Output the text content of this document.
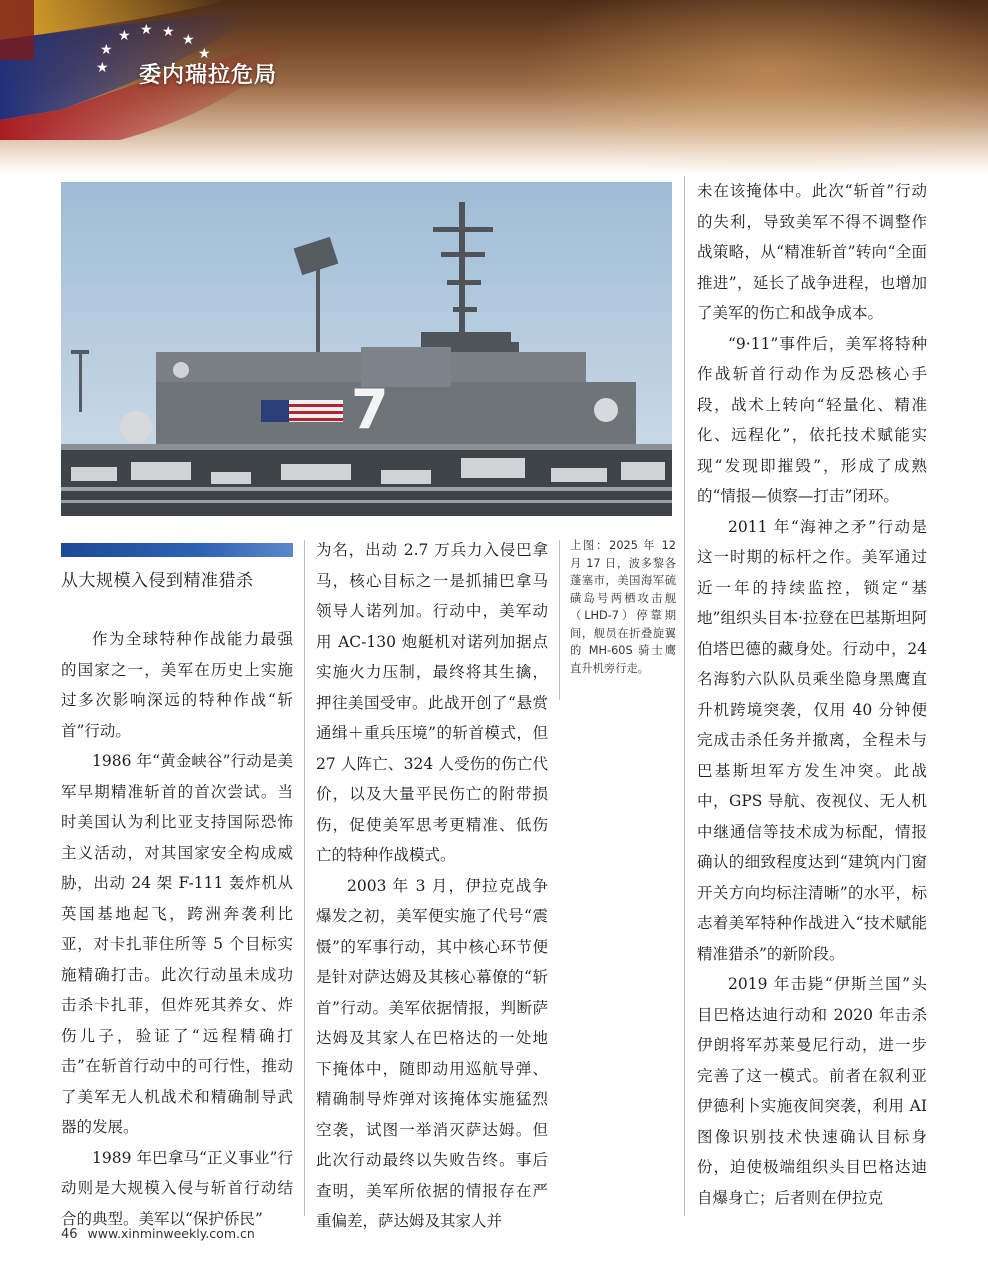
★
★
★ ★ ★ ★
★
委内瑞拉危局
7
从大规模入侵到精准猎杀

作为全球特种作战能力最强的国家之一，美军在历史上实施过多次影响深远的特种作战“斩首”行动。

1986 年“黄金峡谷”行动是美军早期精准斩首的首次尝试。当时美国认为利比亚支持国际恐怖主义活动，对其国家安全构成威胁，出动 24 架 F-111 轰炸机从英国基地起飞，跨洲奔袭利比亚，对卡扎菲住所等 5 个目标实施精确打击。此次行动虽未成功击杀卡扎菲，但炸死其养女、炸伤儿子，验证了“远程精确打击”在斩首行动中的可行性，推动了美军无人机战术和精确制导武器的发展。

1989 年巴拿马“正义事业”行动则是大规模入侵与斩首行动结合的典型。美军以“保护侨民”

为名，出动 2.7 万兵力入侵巴拿马，核心目标之一是抓捕巴拿马领导人诺列加。行动中，美军动用 AC-130 炮艇机对诺列加据点实施火力压制，最终将其生擒，押往美国受审。此战开创了“悬赏通缉＋重兵压境”的斩首模式，但 27 人阵亡、324 人受伤的伤亡代价，以及大量平民伤亡的附带损伤，促使美军思考更精准、低伤亡的特种作战模式。

2003 年 3 月，伊拉克战争爆发之初，美军便实施了代号“震慑”的军事行动，其中核心环节便是针对萨达姆及其核心幕僚的“斩首”行动。美军依据情报，判断萨达姆及其家人在巴格达的一处地下掩体中，随即动用巡航导弹、精确制导炸弹对该掩体实施猛烈空袭，试图一举消灭萨达姆。但此次行动最终以失败告终。事后查明，美军所依据的情报存在严重偏差，萨达姆及其家人并

上图：2025 年 12 月 17 日，波多黎各蓬塞市，美国海军硫磺岛号两栖攻击舰（LHD-7）停靠期间，舰员在折叠旋翼的 MH-60S 骑士鹰直升机旁行走。

未在该掩体中。此次“斩首”行动的失利，导致美军不得不调整作战策略，从“精准斩首”转向“全面推进”，延长了战争进程，也增加了美军的伤亡和战争成本。

“9·11”事件后，美军将特种作战斩首行动作为反恐核心手段，战术上转向“轻量化、精准化、远程化”，依托技术赋能实现“发现即摧毁”，形成了成熟的“情报—侦察—打击”闭环。

2011 年“海神之矛”行动是这一时期的标杆之作。美军通过近一年的持续监控，锁定“基地”组织头目本·拉登在巴基斯坦阿伯塔巴德的藏身处。行动中，24 名海豹六队队员乘坐隐身黑鹰直升机跨境突袭，仅用 40 分钟便完成击杀任务并撤离，全程未与巴基斯坦军方发生冲突。此战中，GPS 导航、夜视仪、无人机中继通信等技术成为标配，情报确认的细致程度达到“建筑内门窗开关方向均标注清晰”的水平，标志着美军特种作战进入“技术赋能精准猎杀”的新阶段。

2019 年击毙“伊斯兰国”头目巴格达迪行动和 2020 年击杀伊朗将军苏莱曼尼行动，进一步完善了这一模式。前者在叙利亚伊德利卜实施夜间突袭，利用 AI 图像识别技术快速确认目标身份，迫使极端组织头目巴格达迪自爆身亡；后者则在伊拉克

46 www.xinminweekly.com.cn
